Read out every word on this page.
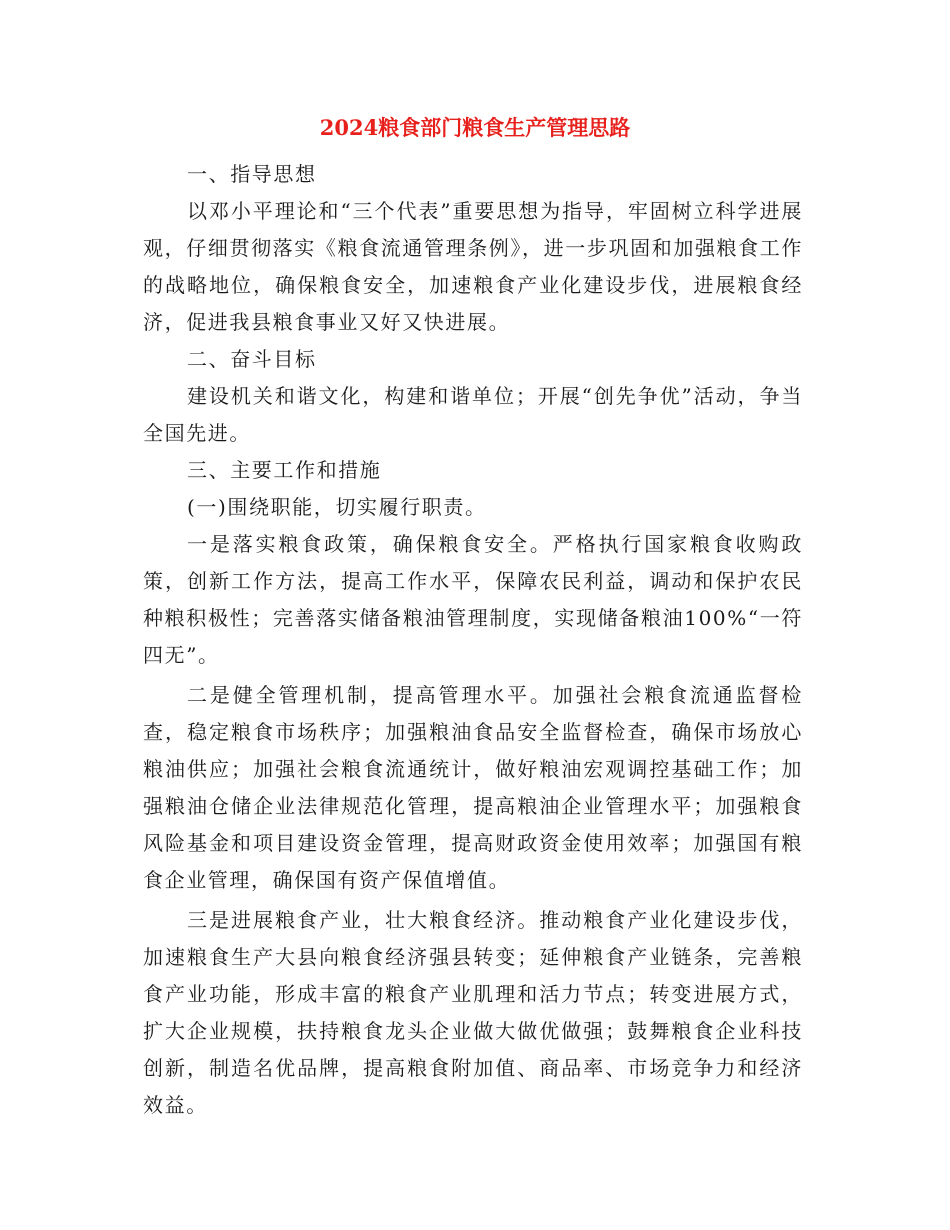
2024粮食部门粮食生产管理思路

一、指导思想

以邓小平理论和“三个代表”重要思想为指导，牢固树立科学进展观，仔细贯彻落实《粮食流通管理条例》，进一步巩固和加强粮食工作的战略地位，确保粮食安全，加速粮食产业化建设步伐，进展粮食经济，促进我县粮食事业又好又快进展。

二、奋斗目标

建设机关和谐文化，构建和谐单位；开展“创先争优”活动，争当全国先进。

三、主要工作和措施

(一)围绕职能，切实履行职责。

一是落实粮食政策，确保粮食安全。严格执行国家粮食收购政策，创新工作方法，提高工作水平，保障农民利益，调动和保护农民种粮积极性；完善落实储备粮油管理制度，实现储备粮油100%“一符四无”。

二是健全管理机制，提高管理水平。加强社会粮食流通监督检查，稳定粮食市场秩序；加强粮油食品安全监督检查，确保市场放心粮油供应；加强社会粮食流通统计，做好粮油宏观调控基础工作；加强粮油仓储企业法律规范化管理，提高粮油企业管理水平；加强粮食风险基金和项目建设资金管理，提高财政资金使用效率；加强国有粮食企业管理，确保国有资产保值增值。

三是进展粮食产业，壮大粮食经济。推动粮食产业化建设步伐，加速粮食生产大县向粮食经济强县转变；延伸粮食产业链条，完善粮食产业功能，形成丰富的粮食产业肌理和活力节点；转变进展方式，扩大企业规模，扶持粮食龙头企业做大做优做强；鼓舞粮食企业科技创新，制造名优品牌，提高粮食附加值、商品率、市场竞争力和经济效益。
